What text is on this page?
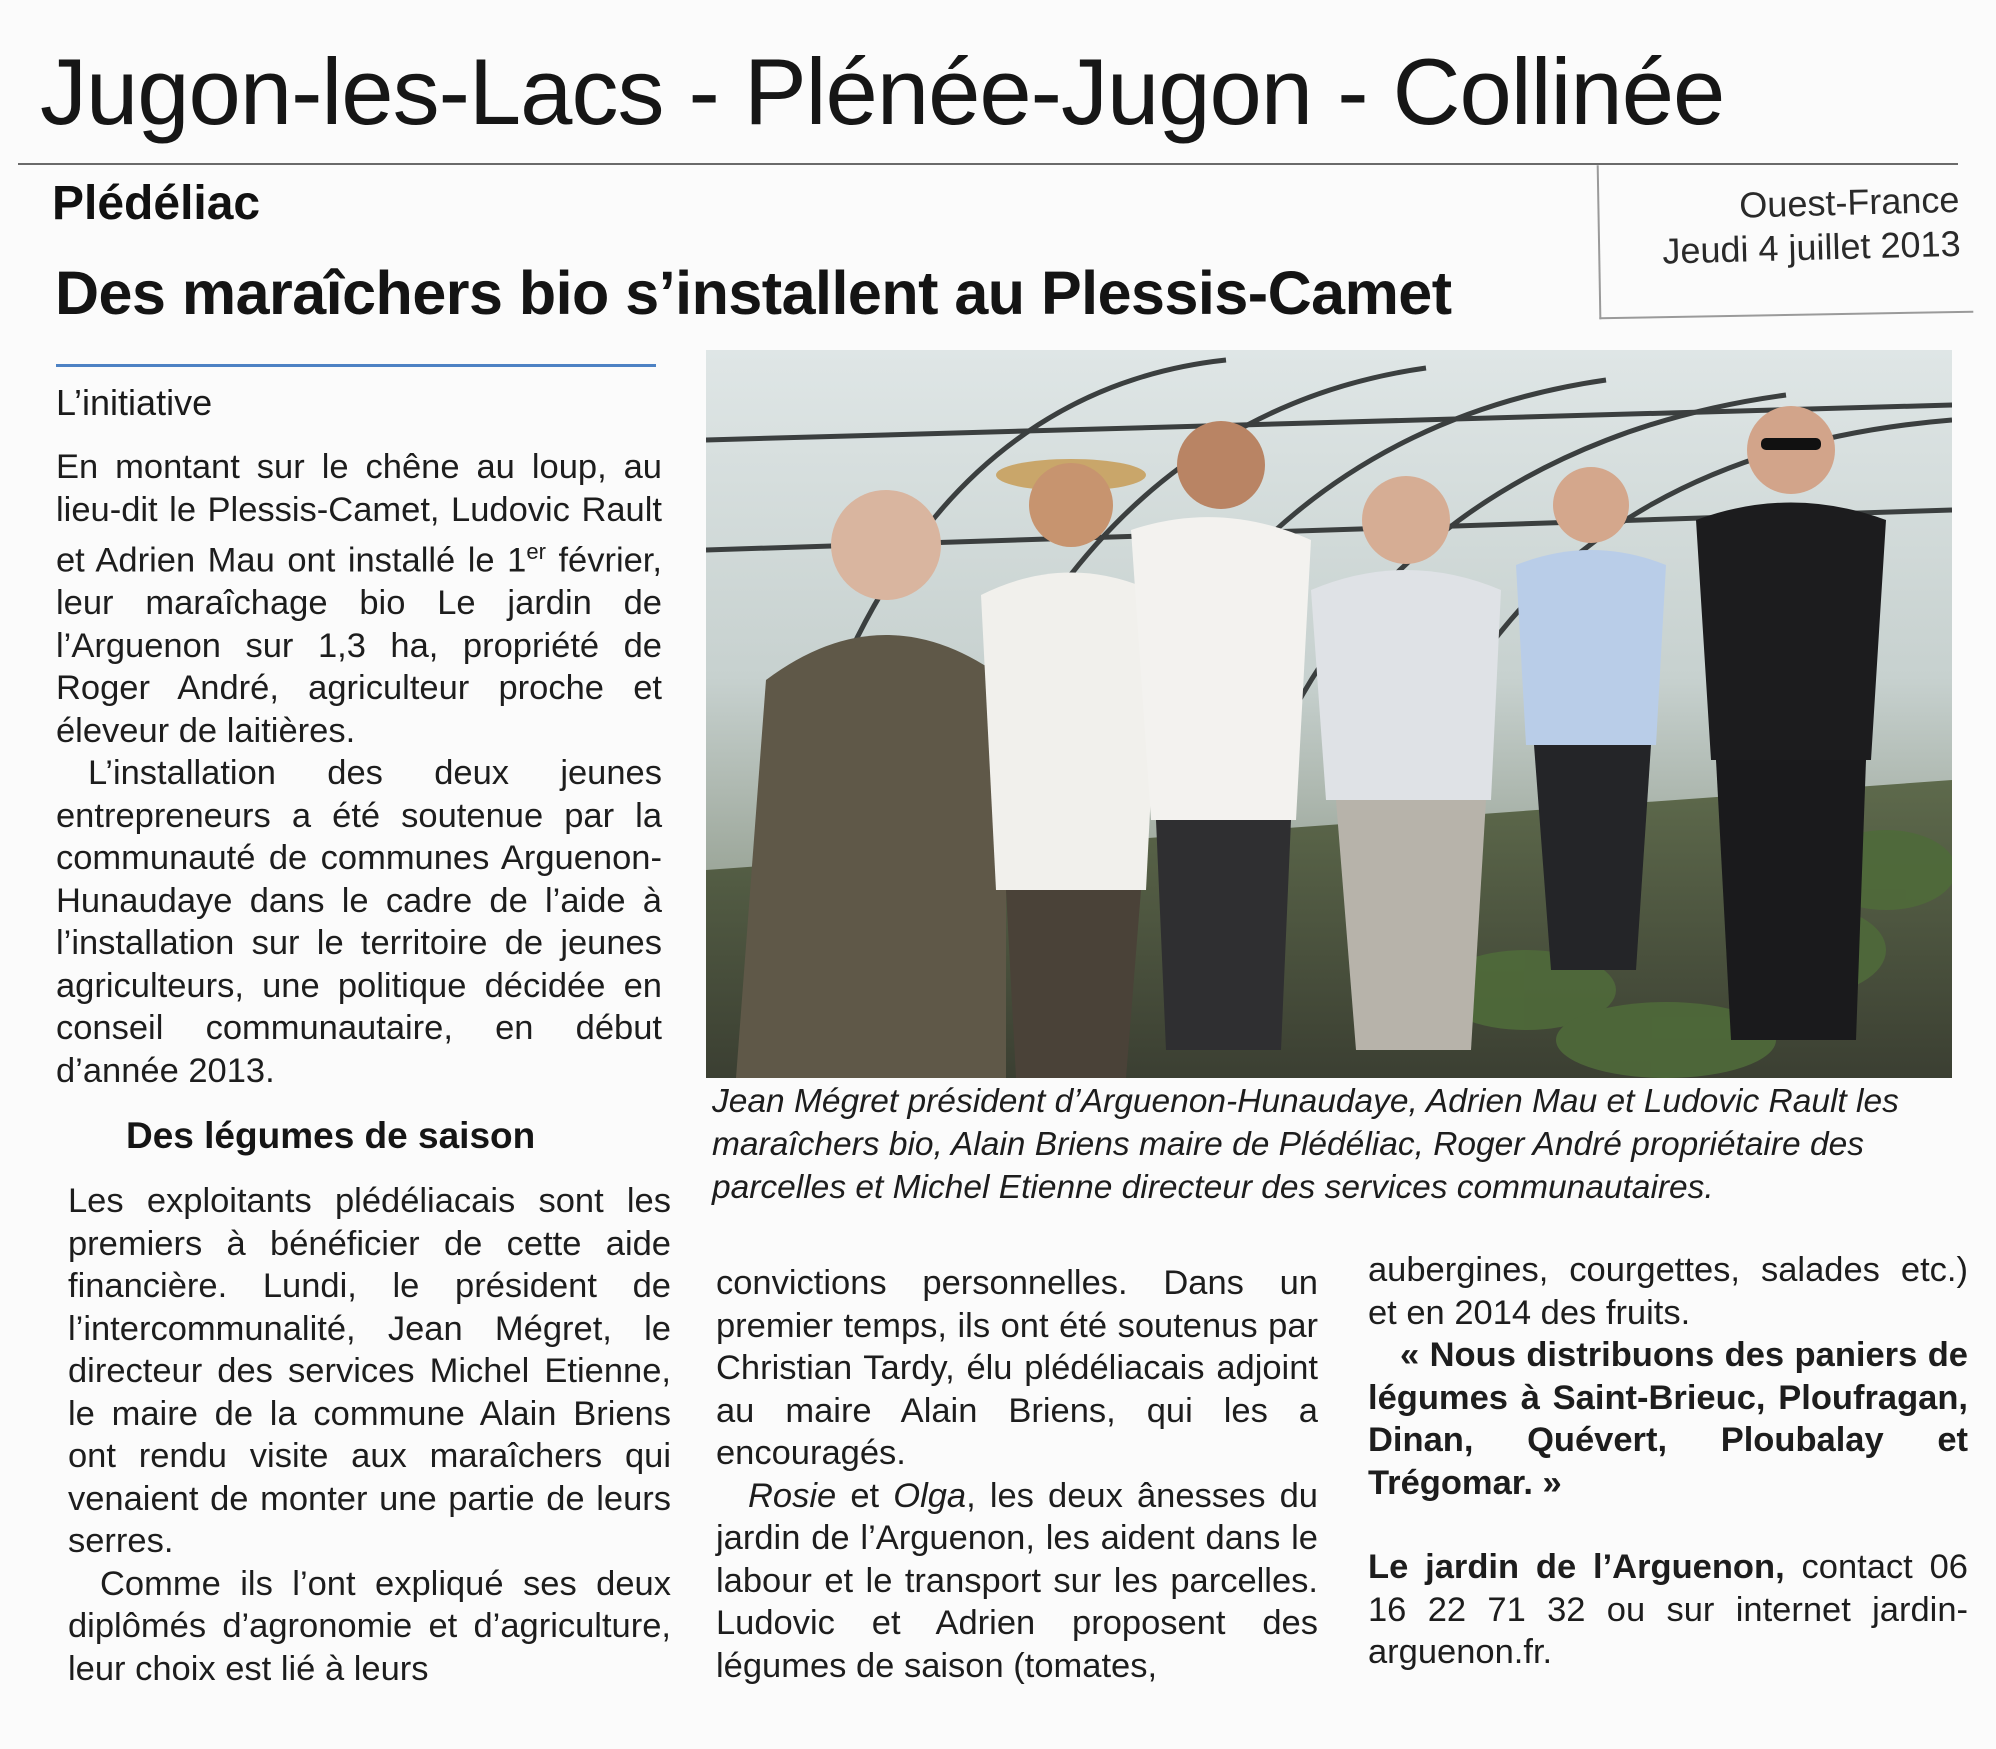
Jugon-les-Lacs - Plénée-Jugon - Collinée
Plédéliac	Ouest-France
Jeudi 4 juillet 2013
Des maraîchers bio s’installent au Plessis-Camet
L’initiative

En montant sur le chêne au loup, au lieu-dit le Plessis-Camet, Ludovic Rault et Adrien Mau ont installé le 1er février, leur maraîchage bio Le jardin de l’Arguenon sur 1,3 ha, propriété de Roger André, agriculteur proche et éleveur de laitières.

L’installation des deux jeunes entrepreneurs a été soutenue par la communauté de communes Arguenon-Hunaudaye dans le cadre de l’aide à l’installation sur le territoire de jeunes agriculteurs, une politique décidée en conseil communautaire, en début d’année 2013.

Des légumes de saison

Les exploitants plédéliacais sont les premiers à bénéficier de cette aide financière. Lundi, le président de l’intercommunalité, Jean Mégret, le directeur des services Michel Etienne, le maire de la commune Alain Briens ont rendu visite aux maraîchers qui venaient de monter une partie de leurs serres.

Comme ils l’ont expliqué ses deux diplômés d’agronomie et d’agriculture, leur choix est lié à leurs

Jean Mégret président d’Arguenon-Hunaudaye, Adrien Mau et Ludovic Rault les maraîchers bio, Alain Briens maire de Plédéliac, Roger André propriétaire des parcelles et Michel Etienne directeur des services communautaires.

convictions personnelles. Dans un premier temps, ils ont été soutenus par Christian Tardy, élu plédéliacais adjoint au maire Alain Briens, qui les a encouragés.

Rosie et Olga, les deux ânesses du jardin de l’Arguenon, les aident dans le labour et le transport sur les parcelles. Ludovic et Adrien proposent des légumes de saison (tomates,

aubergines, courgettes, salades etc.) et en 2014 des fruits.

« Nous distribuons des paniers de légumes à Saint-Brieuc, Ploufragan, Dinan, Quévert, Ploubalay et Trégomar. »

Le jardin de l’Arguenon, contact 06 16 22 71 32 ou sur internet jardin-arguenon.fr.
